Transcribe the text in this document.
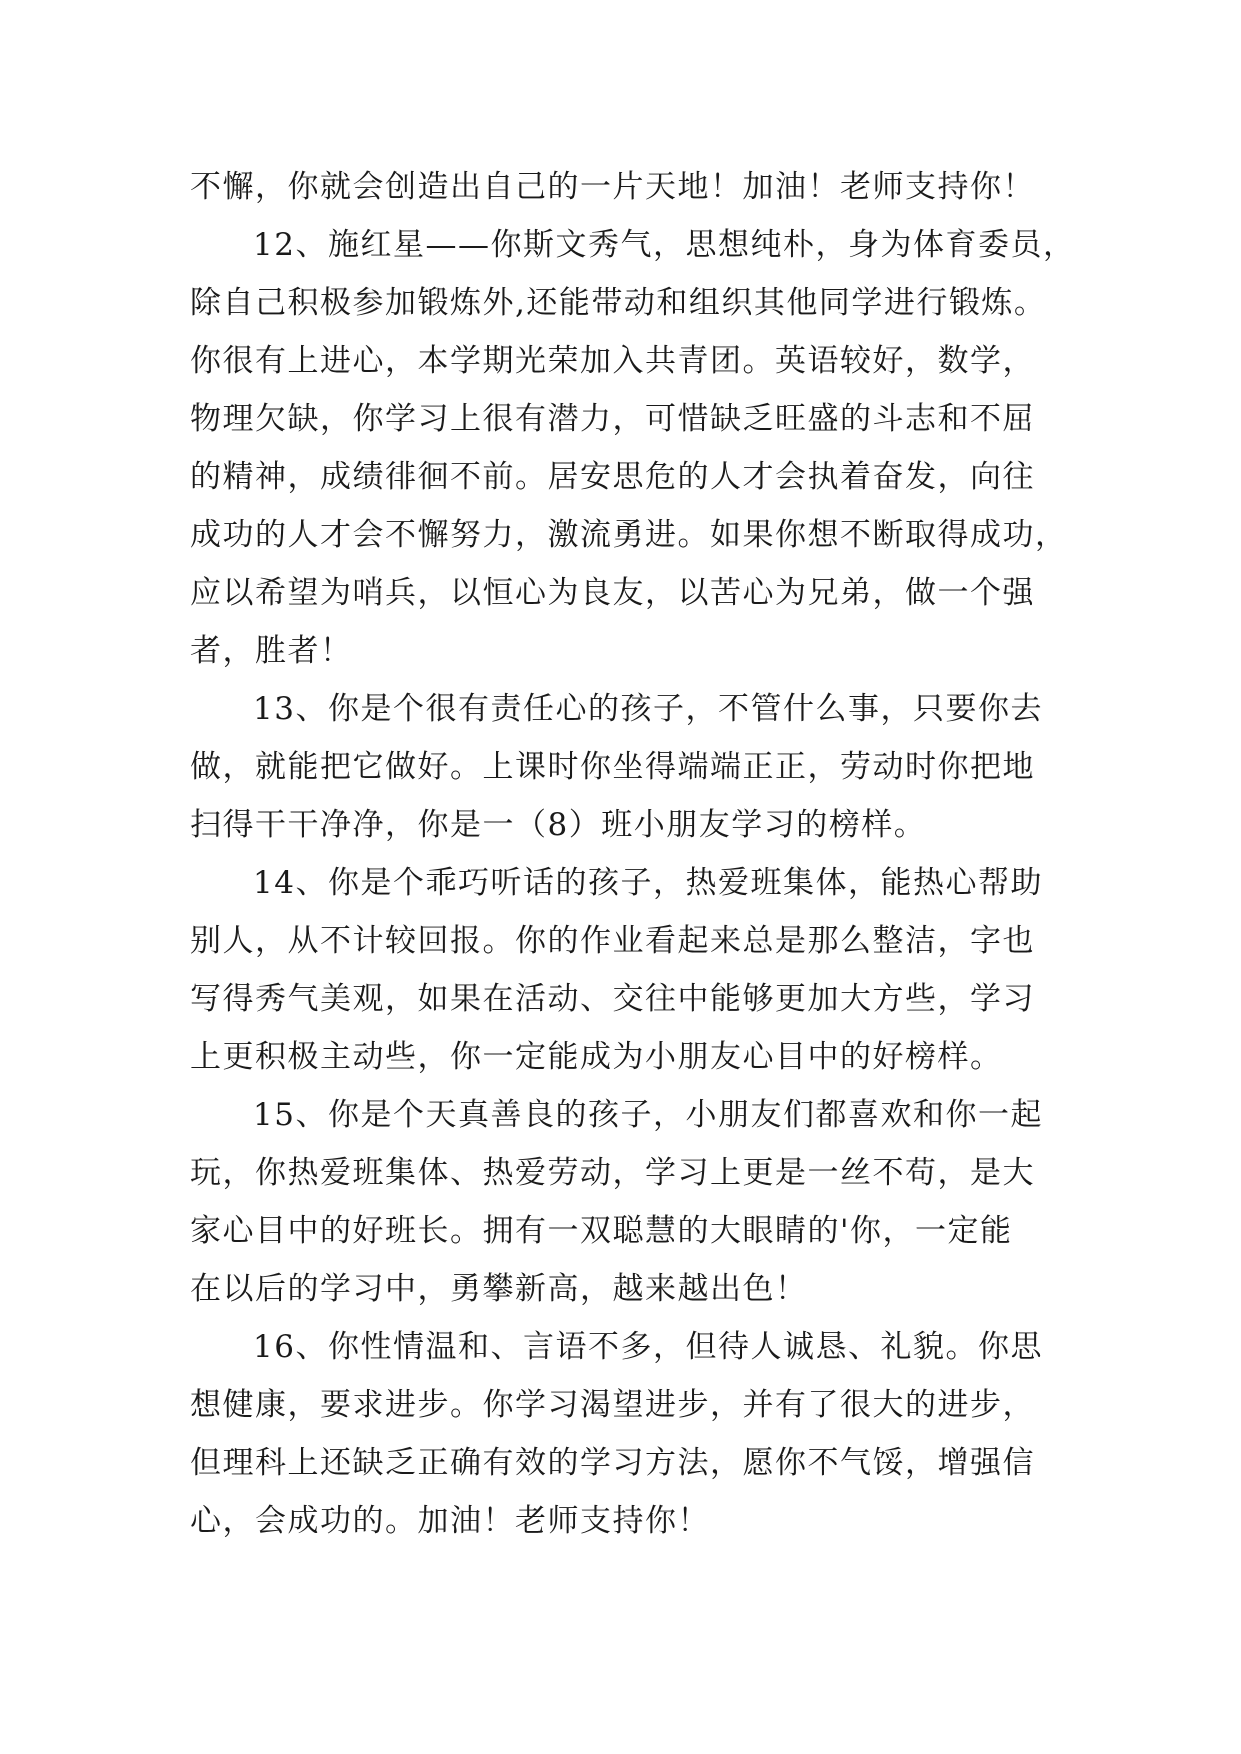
不懈，你就会创造出自己的一片天地！加油！老师支持你！
12、施红星——你斯文秀气，思想纯朴，身为体育委员，
除自己积极参加锻炼外,还能带动和组织其他同学进行锻炼。
你很有上进心，本学期光荣加入共青团。英语较好，数学，
物理欠缺，你学习上很有潜力，可惜缺乏旺盛的斗志和不屈
的精神，成绩徘徊不前。居安思危的人才会执着奋发，向往
成功的人才会不懈努力，激流勇进。如果你想不断取得成功，
应以希望为哨兵，以恒心为良友，以苦心为兄弟，做一个强
者，胜者！
13、你是个很有责任心的孩子，不管什么事，只要你去
做，就能把它做好。上课时你坐得端端正正，劳动时你把地
扫得干干净净，你是一（8）班小朋友学习的榜样。
14、你是个乖巧听话的孩子，热爱班集体，能热心帮助
别人，从不计较回报。你的作业看起来总是那么整洁，字也
写得秀气美观，如果在活动、交往中能够更加大方些，学习
上更积极主动些，你一定能成为小朋友心目中的好榜样。
15、你是个天真善良的孩子，小朋友们都喜欢和你一起
玩，你热爱班集体、热爱劳动，学习上更是一丝不苟，是大
家心目中的好班长。拥有一双聪慧的大眼睛的'你，一定能
在以后的学习中，勇攀新高，越来越出色！
16、你性情温和、言语不多，但待人诚恳、礼貌。你思
想健康，要求进步。你学习渴望进步，并有了很大的进步，
但理科上还缺乏正确有效的学习方法，愿你不气馁，增强信
心，会成功的。加油！老师支持你！
